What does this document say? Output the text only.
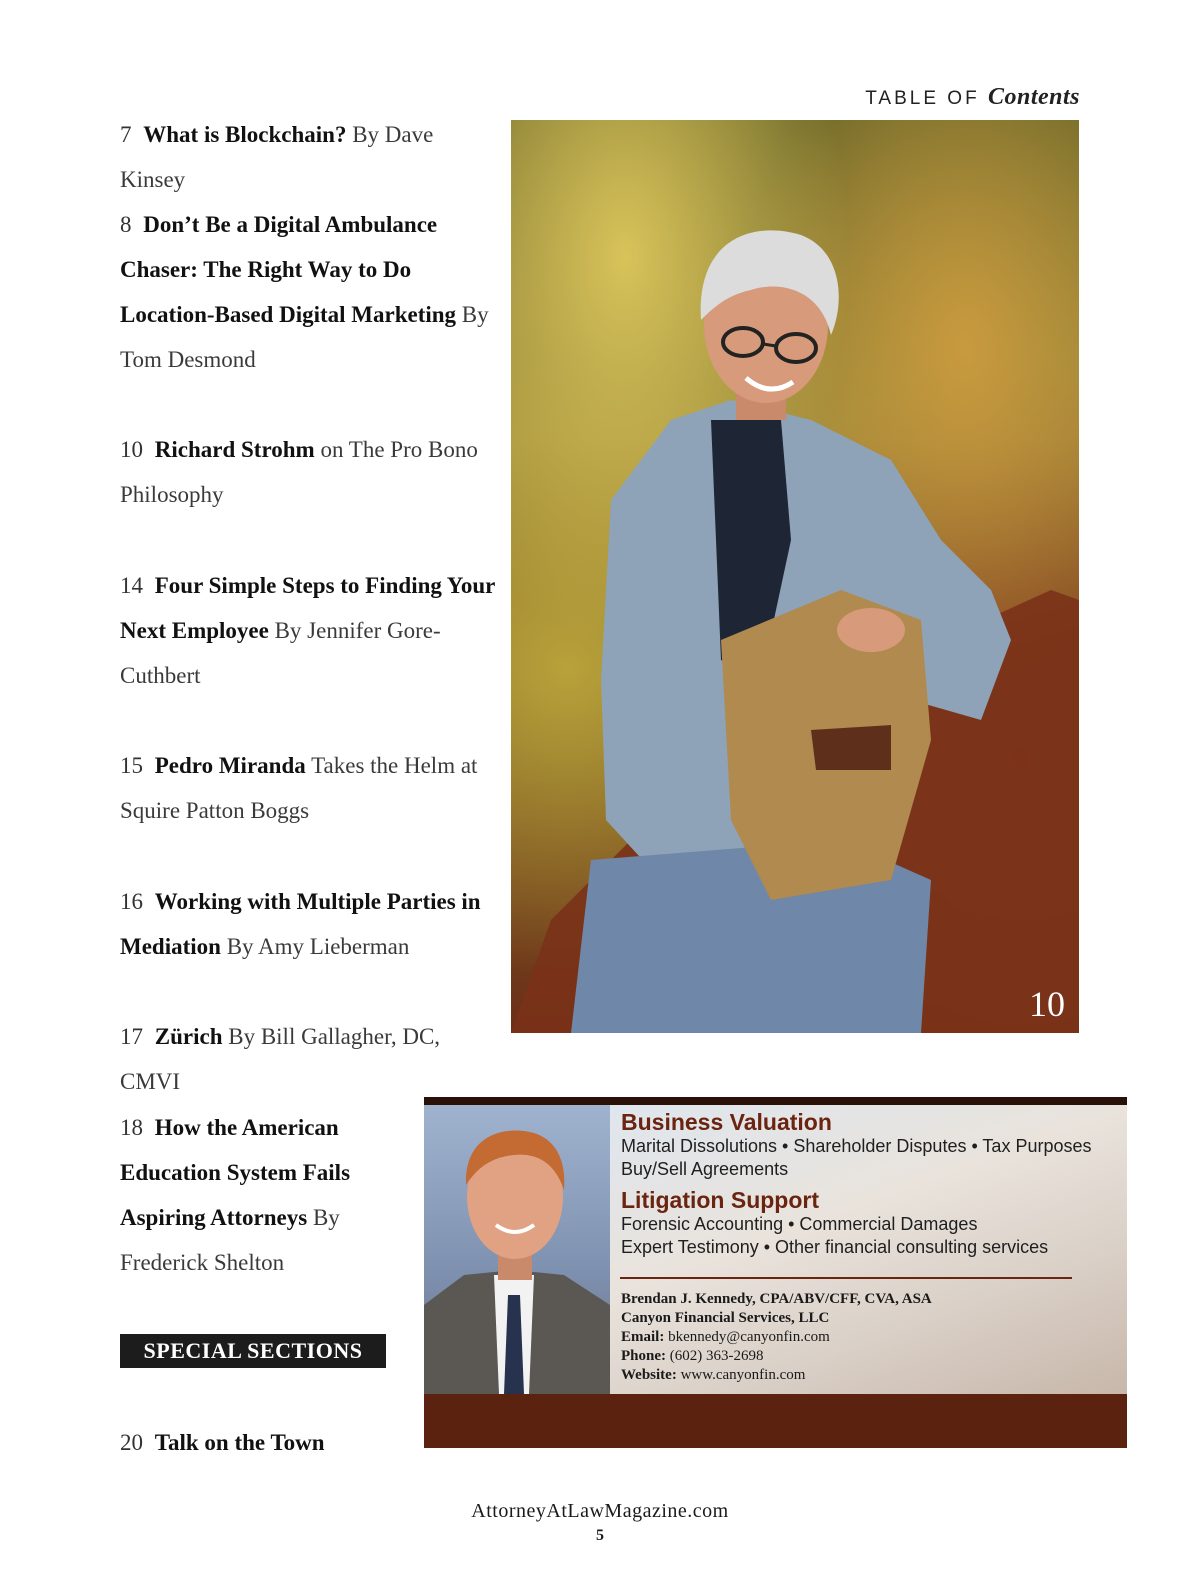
TABLE OF Contents
7 What is Blockchain? By Dave Kinsey
8 Don’t Be a Digital Ambulance Chaser: The Right Way to Do Location-Based Digital Marketing By Tom Desmond
10 Richard Strohm on The Pro Bono Philosophy
14 Four Simple Steps to Finding Your Next Employee By Jennifer Gore-Cuthbert
15 Pedro Miranda Takes the Helm at Squire Patton Boggs
16 Working with Multiple Parties in Mediation By Amy Lieberman
17 Zürich By Bill Gallagher, DC, CMVI
18 How the American Education System Fails Aspiring Attorneys By Frederick Shelton
20 Talk on the Town
SPECIAL SECTIONS
10
Business Valuation
Marital Dissolutions • Shareholder Disputes • Tax Purposes
Buy/Sell Agreements
Litigation Support
Forensic Accounting • Commercial Damages
Expert Testimony • Other financial consulting services
Brendan J. Kennedy, CPA/ABV/CFF, CVA, ASA
Canyon Financial Services, LLC
Email: bkennedy@canyonfin.com
Phone: (602) 363-2698
Website: www.canyonfin.com
AttorneyAtLawMagazine.com
5
